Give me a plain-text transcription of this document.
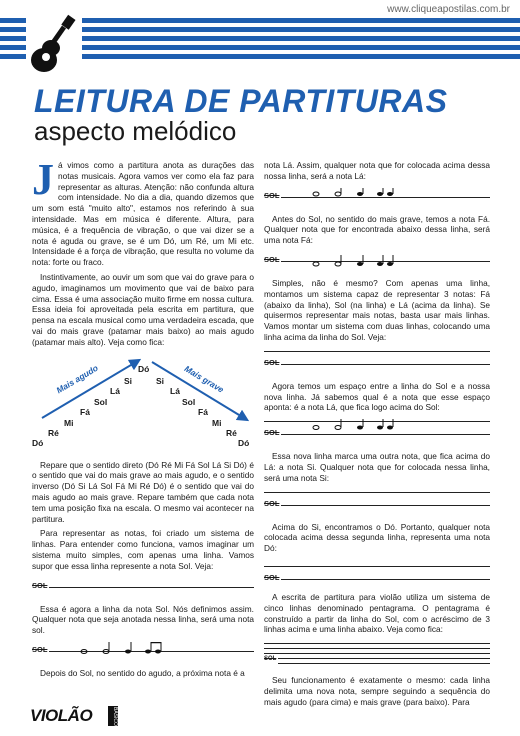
www.cliqueapostilas.com.br
LEITURA DE PARTITURAS
aspecto melódico
J á vimos como a partitura anota as durações das notas musicais. Agora vamos ver como ela faz para representar as alturas. Atenção: não confunda altura com intensidade. No dia a dia, quando dizemos que um som está "muito alto", estamos nos referindo à sua intensidade. Mas em música é diferente. Altura, para música, é a frequência de vibração, o que vai dizer se a nota é aguda ou grave, se é um Dó, um Ré, um Mi etc. Intensidade é a força de vibração, que resulta no volume da nota: forte ou fraco.

Instintivamente, ao ouvir um som que vai do grave para o agudo, imaginamos um movimento que vai de baixo para cima. Essa é uma associação muito firme em nossa cultura. Essa ideia foi aproveitada pela escrita em partitura, que pensa na escala musical como uma verdadeira escada, que vai do mais grave (patamar mais baixo) ao mais agudo (patamar mais alto). Veja como fica:

Mais agudo	Mais grave
Dó
Ré
Mi
Fá
Sol
Lá
Si
Dó
Si
Lá
Sol
Fá
Mi
Ré
Dó

Repare que o sentido direto (Dó Ré Mi Fá Sol Lá Si Dó) é o sentido que vai do mais grave ao mais agudo, e o sentido inverso (Dó Si Lá Sol Fá Mi Ré Dó) é o sentido que vai do mais agudo ao mais grave. Repare também que cada nota tem uma posição fixa na escala. O mesmo vai acontecer na partitura.

Para representar as notas, foi criado um sistema de linhas. Para entender como funciona, vamos imaginar um sistema muito simples, com apenas uma linha. Vamos supor que essa linha represente a nota Sol. Veja:

SOL

Essa é agora a linha da nota Sol. Nós definimos assim. Qualquer nota que seja anotada nessa linha, será uma nota sol.

SOL

Depois do Sol, no sentido do agudo, a próxima nota é a

nota Lá. Assim, qualquer nota que for colocada acima dessa nossa linha, será a nota Lá:

SOL

Antes do Sol, no sentido do mais grave, temos a nota Fá. Qualquer nota que for encontrada abaixo dessa linha, será uma nota Fá:

SOL

Simples, não é mesmo? Com apenas uma linha, montamos um sistema capaz de representar 3 notas: Fá (abaixo da linha), Sol (na linha) e Lá (acima da linha). Se quisermos representar mais notas, basta usar mais linhas. Vamos montar um sistema com duas linhas, colocando uma linha acima da linha do Sol. Veja:

SOL

Agora temos um espaço entre a linha do Sol e a nossa nova linha. Já sabemos qual é a nota que esse espaço aponta: é a nota Lá, que fica logo acima do Sol:

SOL

Essa nova linha marca uma outra nota, que fica acima do Lá: a nota Si. Qualquer nota que for colocada nessa linha, será uma nota Si:

SOL

Acima do Si, encontramos o Dó. Portanto, qualquer nota colocada acima dessa segunda linha, representa uma nota Dó:

SOL

A escrita de partitura para violão utiliza um sistema de cinco linhas denominado pentagrama. O pentagrama é construído a partir da linha do Sol, com o acréscimo de 3 linhas acima e uma linha abaixo. Veja como fica:

SOL

Seu funcionamento é exatamente o mesmo: cada linha delimita uma nova nota, sempre seguindo a sequência do mais agudo (para cima) e mais grave (para baixo). Para

VIOLÃO	BÁSICO
